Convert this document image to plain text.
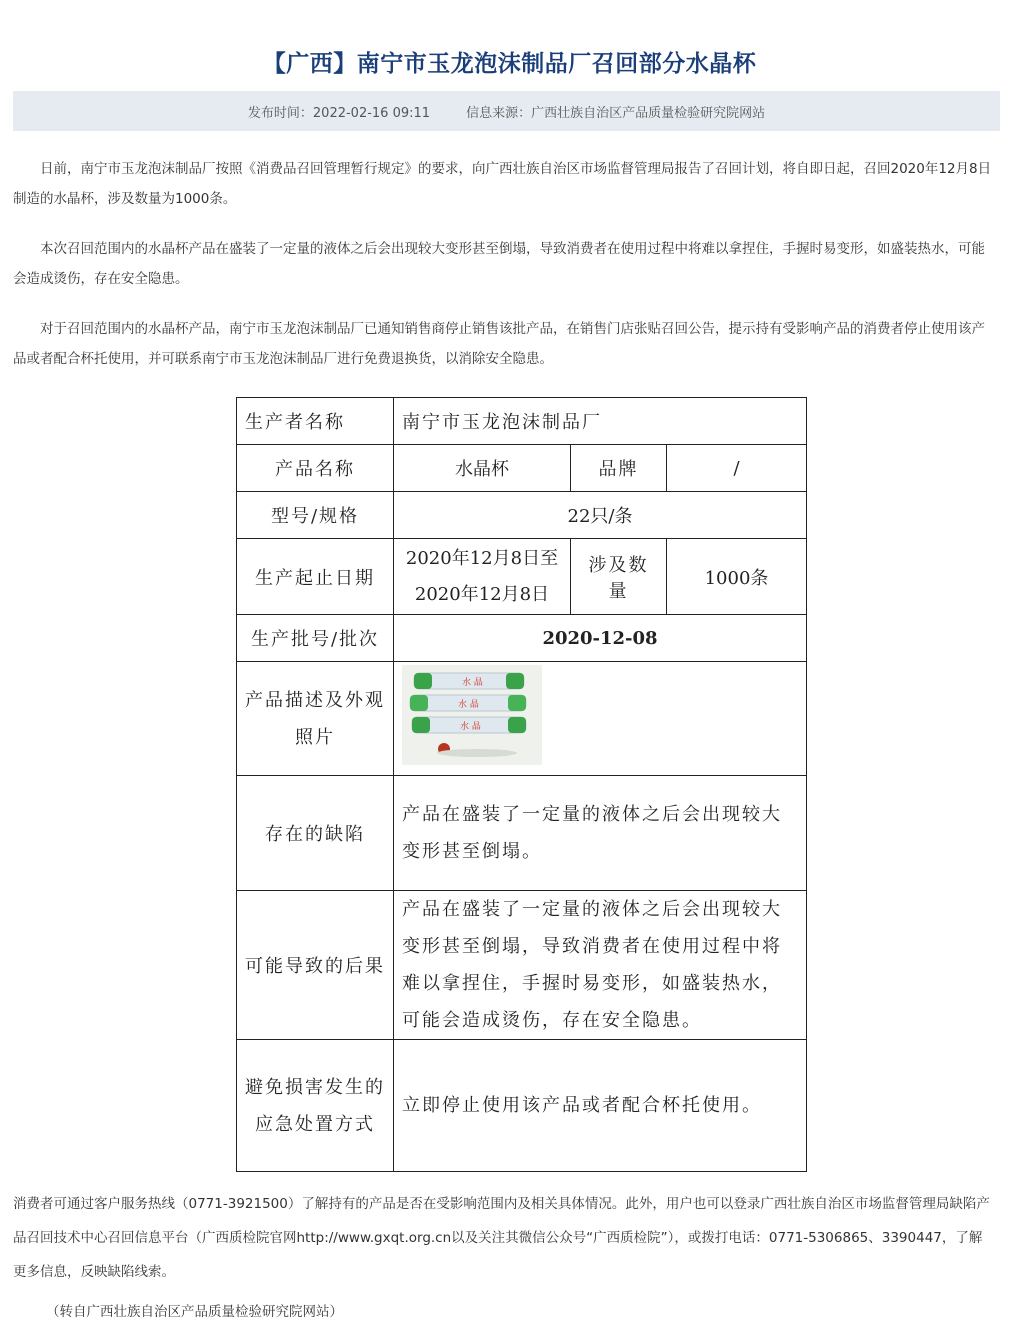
【广西】南宁市玉龙泡沫制品厂召回部分水晶杯
发布时间：2022-02-16 09:11	信息来源：广西壮族自治区产品质量检验研究院网站

日前，南宁市玉龙泡沫制品厂按照《消费品召回管理暂行规定》的要求，向广西壮族自治区市场监督管理局报告了召回计划，将自即日起，召回2020年12月8日制造的水晶杯，涉及数量为1000条。

本次召回范围内的水晶杯产品在盛装了一定量的液体之后会出现较大变形甚至倒塌，导致消费者在使用过程中将难以拿捏住，手握时易变形，如盛装热水，可能会造成烫伤，存在安全隐患。

对于召回范围内的水晶杯产品，南宁市玉龙泡沫制品厂已通知销售商停止销售该批产品，在销售门店张贴召回公告，提示持有受影响产品的消费者停止使用该产品或者配合杯托使用，并可联系南宁市玉龙泡沫制品厂进行免费退换货，以消除安全隐患。

生产者名称	南宁市玉龙泡沫制品厂		
产品名称	水晶杯	品牌	/
型号/规格	22只/条		
生产起止日期	2020年12月8日至
2020年12月8日	涉及数量	1000条
生产批号/批次	2020-12-08		
产品描述及外观照片	水 晶
水 晶
水 晶		

存在的缺陷	产品在盛装了一定量的液体之后会出现较大变形甚至倒塌。		
可能导致的后果	产品在盛装了一定量的液体之后会出现较大变形甚至倒塌，导致消费者在使用过程中将难以拿捏住，手握时易变形，如盛装热水，可能会造成烫伤，存在安全隐患。		
避免损害发生的应急处置方式	立即停止使用该产品或者配合杯托使用。		

消费者可通过客户服务热线（0771-3921500）了解持有的产品是否在受影响范围内及相关具体情况。此外，用户也可以登录广西壮族自治区市场监督管理局缺陷产品召回技术中心召回信息平台（广西质检院官网http://www.gxqt.org.cn以及关注其微信公众号“广西质检院”），或拨打电话：0771-5306865、3390447，了解更多信息，反映缺陷线索。

（转自广西壮族自治区产品质量检验研究院网站）
